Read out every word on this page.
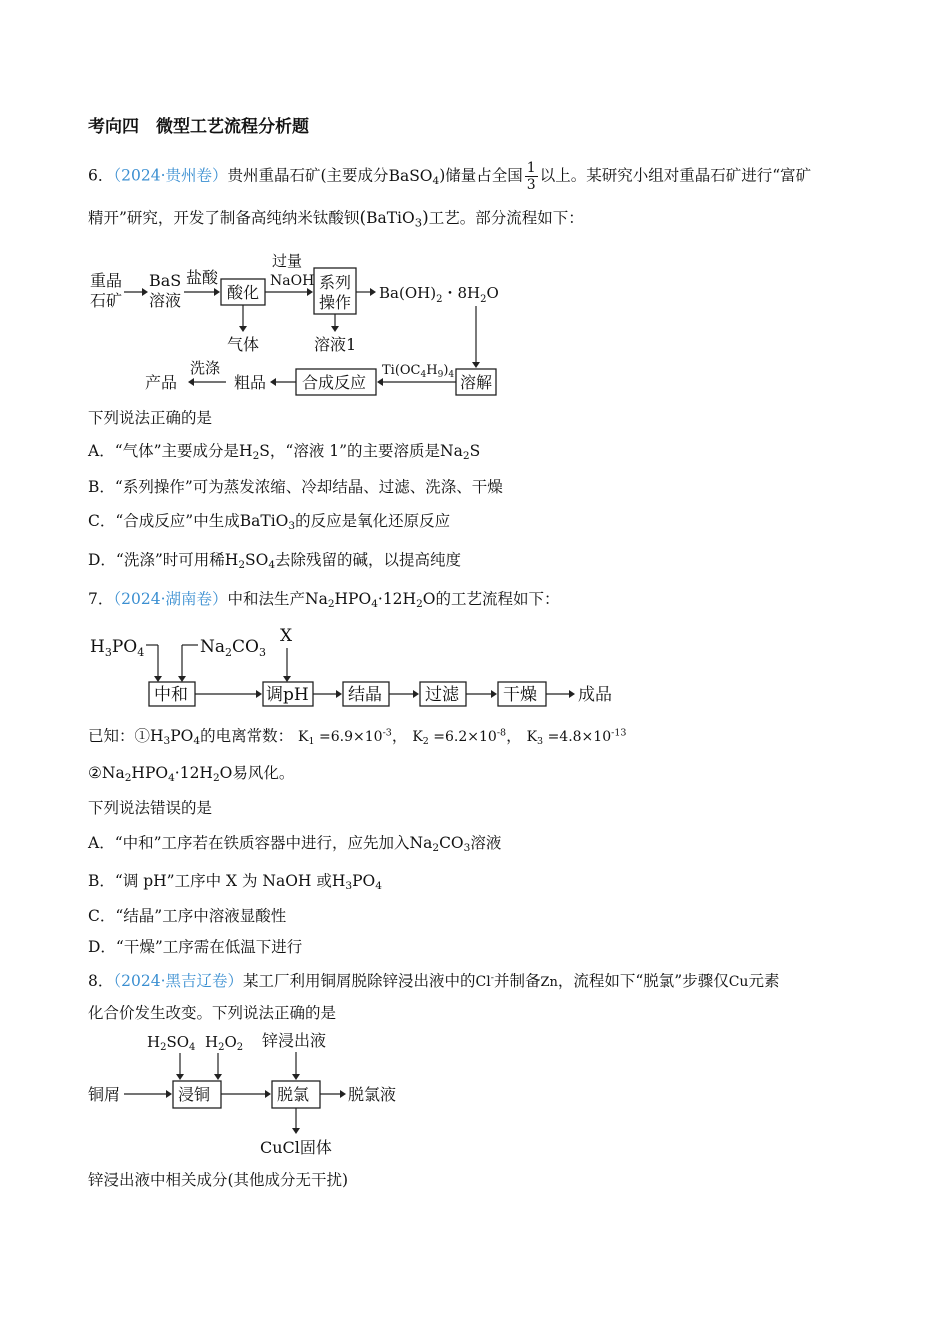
考向四　微型工艺流程分析题
6．（2024·贵州卷）贵州重晶石矿(主要成分BaSO$_4$)储量占全国 $\frac{1}{3}$ 以上。某研究小组对重晶石矿进行“富矿
精开”研究，开发了制备高纯纳米钛酸钡(BaTiO$_3$)工艺。部分流程如下：
重晶
石矿
BaS
溶液
盐酸
酸化
过量
NaOH 系列
操作 $Ba(OH)_2$・$8H_2O$
气体	溶液1
溶解
$Ti(OC_4H_9)_4$
合成反应
粗品
洗涤
产品
下列说法正确的是
A．“气体”主要成分是$H_2S$，“溶液 1”的主要溶质是$Na_2S$
B．“系列操作”可为蒸发浓缩、冷却结晶、过滤、洗涤、干燥
C．“合成反应”中生成BaTiO$_3$的反应是氧化还原反应
D．“洗涤”时可用稀$H_2SO_4$去除残留的碱，以提高纯度
7．（2024·湖南卷）中和法生产$Na_2HPO_4\cdot 12H_2O$的工艺流程如下：
$H_3PO_4$	$Na_2CO_3$
X
中和	调pH 结晶	过滤	干燥 成品
已知：$①H_3PO_4$的电离常数： $K_1 =6.9\times 10^{-3}$， $K_2 =6.2\times 10^{-8}$， $K_3 =4.8\times 10^{-13}$
$②Na_2HPO_4\cdot 12H_2O$易风化。
下列说法错误的是
A．“中和”工序若在铁质容器中进行，应先加入$Na_2CO_3$溶液
B．“调 pH”工序中 X 为 NaOH 或$H_3PO_4$
C．“结晶”工序中溶液显酸性
D．“干燥”工序需在低温下进行
8．（2024·黑吉辽卷）某工厂利用铜屑脱除锌浸出液中的Cl-并制备Zn，流程如下“脱氯”步骤仅Cu元素
化合价发生改变。下列说法正确的是
$H_2SO_4$ $H_2O_2$ 锌浸出液
铜屑	浸铜	脱氯 脱氯液
CuCl固体
锌浸出液中相关成分(其他成分无干扰)
